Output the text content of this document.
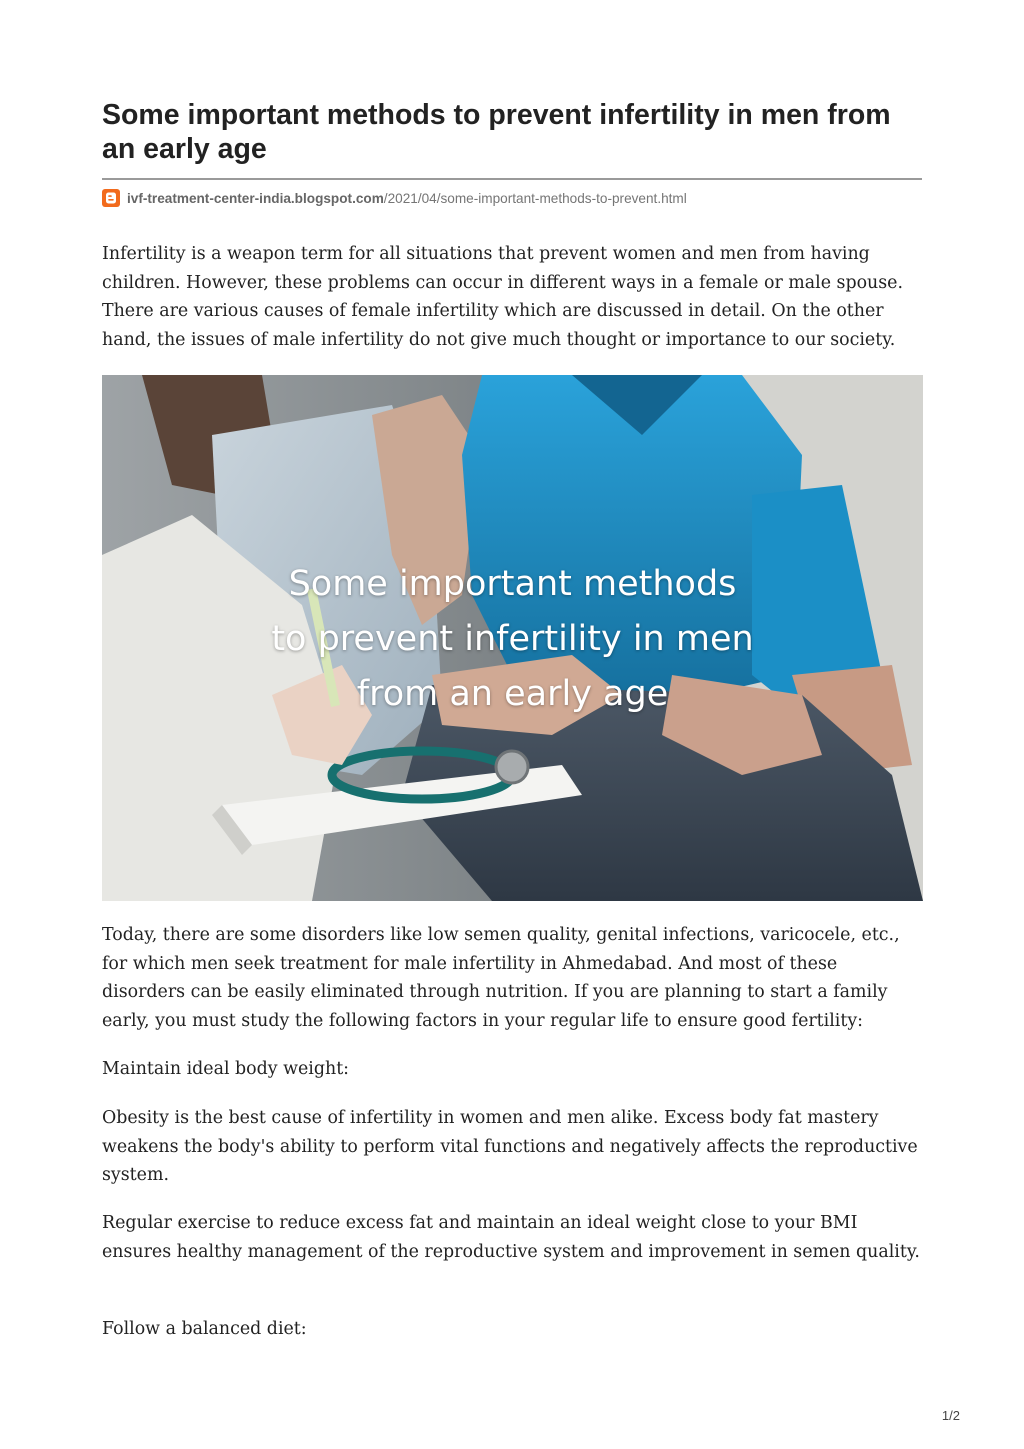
Some important methods to prevent infertility in men from an early age
ivf-treatment-center-india.blogspot.com /2021/04/some-important-methods-to-prevent.html

Infertility is a weapon term for all situations that prevent women and men from having children. However, these problems can occur in different ways in a female or male spouse. There are various causes of female infertility which are discussed in detail. On the other hand, the issues of male infertility do not give much thought or importance to our society.

Some important methods
to prevent infertility in men
from an early age

Today, there are some disorders like low semen quality, genital infections, varicocele, etc., for which men seek treatment for male infertility in Ahmedabad. And most of these disorders can be easily eliminated through nutrition. If you are planning to start a family early, you must study the following factors in your regular life to ensure good fertility:

Maintain ideal body weight:

Obesity is the best cause of infertility in women and men alike. Excess body fat mastery weakens the body's ability to perform vital functions and negatively affects the reproductive system.

Regular exercise to reduce excess fat and maintain an ideal weight close to your BMI ensures healthy management of the reproductive system and improvement in semen quality.

Follow a balanced diet:

1/2
